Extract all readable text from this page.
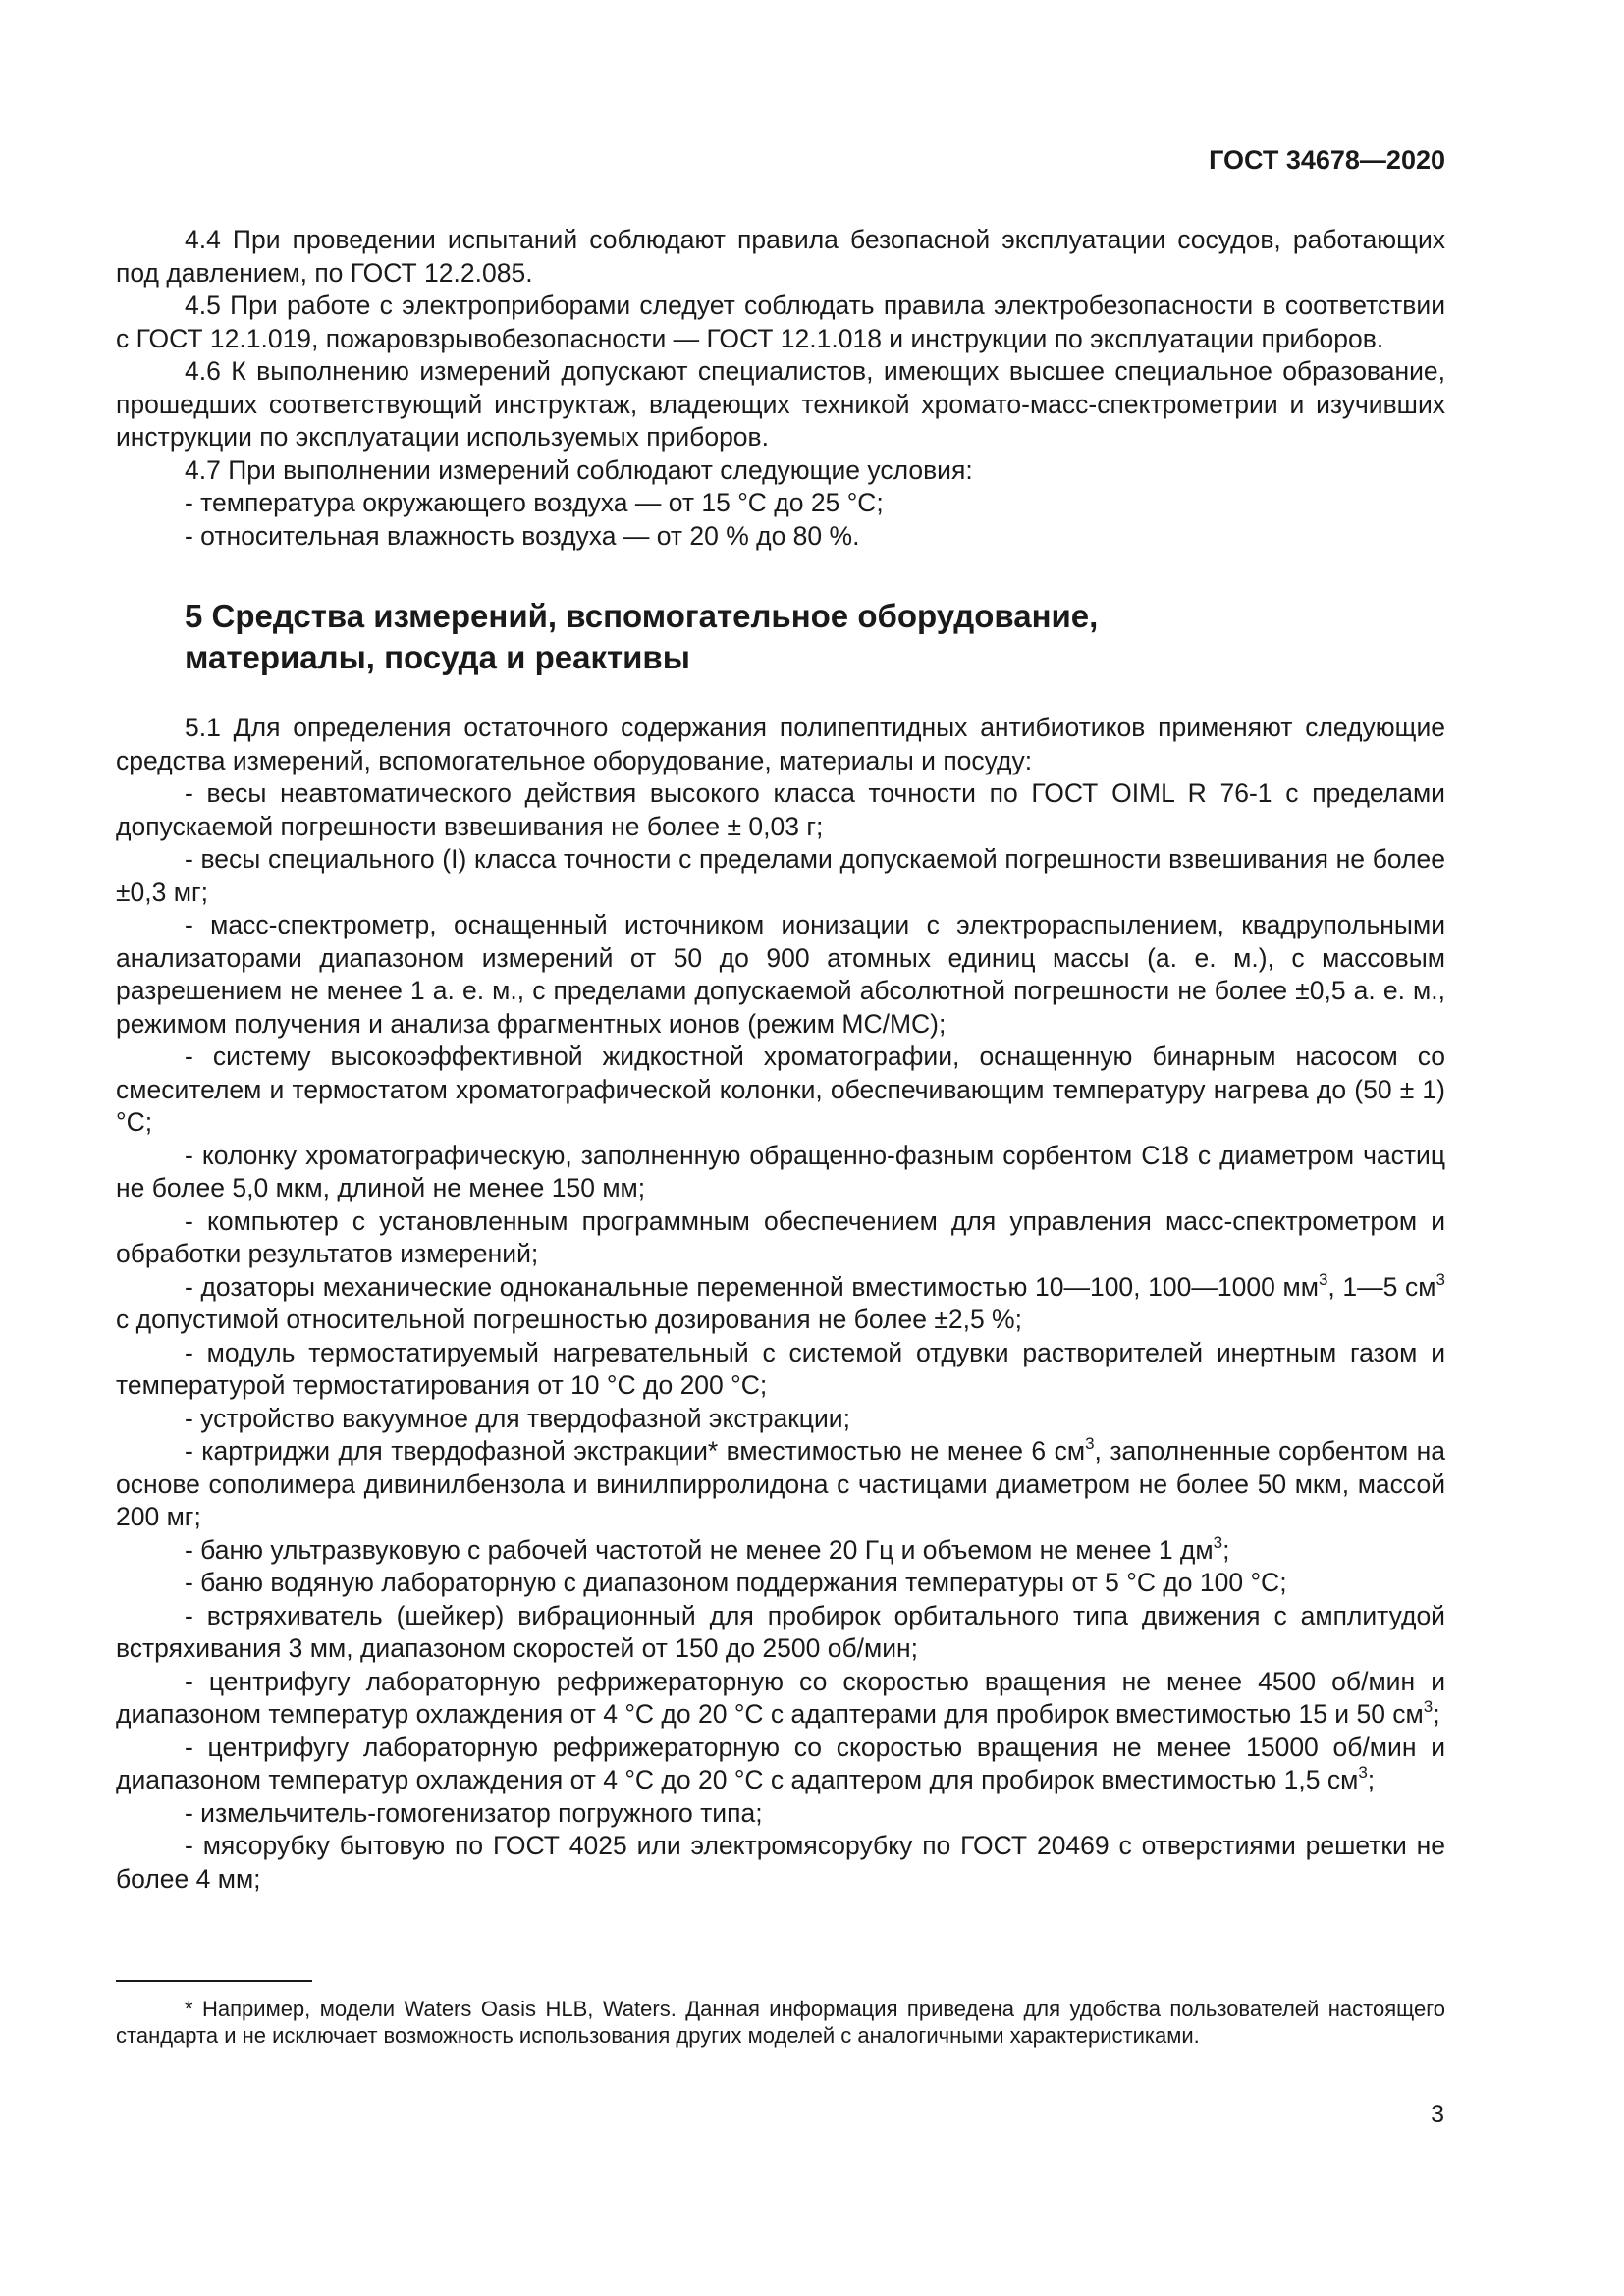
ГОСТ 34678—2020

4.4 При проведении испытаний соблюдают правила безопасной эксплуатации сосудов, работающих под давлением, по ГОСТ 12.2.085.

4.5 При работе с электроприборами следует соблюдать правила электробезопасности в соответствии с ГОСТ 12.1.019, пожаровзрывобезопасности — ГОСТ 12.1.018 и инструкции по эксплуатации приборов.

4.6 К выполнению измерений допускают специалистов, имеющих высшее специальное образование, прошедших соответствующий инструктаж, владеющих техникой хромато-масс-спектрометрии и изучивших инструкции по эксплуатации используемых приборов.

4.7 При выполнении измерений соблюдают следующие условия:

- температура окружающего воздуха — от 15 °С до 25 °С;

- относительная влажность воздуха — от 20 % до 80 %.

5 Средства измерений, вспомогательное оборудование,
материалы, посуда и реактивы

5.1 Для определения остаточного содержания полипептидных антибиотиков применяют следующие средства измерений, вспомогательное оборудование, материалы и посуду:

- весы неавтоматического действия высокого класса точности по ГОСТ OIML R 76-1 с пределами допускаемой погрешности взвешивания не более ± 0,03 г;

- весы специального (I) класса точности с пределами допускаемой погрешности взвешивания не более ±0,3 мг;

- масс-спектрометр, оснащенный источником ионизации с электрораспылением, квадрупольными анализаторами диапазоном измерений от 50 до 900 атомных единиц массы (а. е. м.), с массовым разрешением не менее 1 а. е. м., с пределами допускаемой абсолютной погрешности не более ±0,5 а. е. м., режимом получения и анализа фрагментных ионов (режим МС/МС);

- систему высокоэффективной жидкостной хроматографии, оснащенную бинарным насосом со смесителем и термостатом хроматографической колонки, обеспечивающим температуру нагрева до (50 ± 1) °С;

- колонку хроматографическую, заполненную обращенно-фазным сорбентом С18 с диаметром частиц не более 5,0 мкм, длиной не менее 150 мм;

- компьютер с установленным программным обеспечением для управления масс-спектрометром и обработки результатов измерений;

- дозаторы механические одноканальные переменной вместимостью 10—100, 100—1000 $мм^3$, 1—5 $см^3$ с допустимой относительной погрешностью дозирования не более ±2,5 %;

- модуль термостатируемый нагревательный с системой отдувки растворителей инертным газом и температурой термостатирования от 10 °С до 200 °С;

- устройство вакуумное для твердофазной экстракции;

- картриджи для твердофазной экстракции* вместимостью не менее 6 $см^3$, заполненные сорбентом на основе сополимера дивинилбензола и винилпирролидона с частицами диаметром не более 50 мкм, массой 200 мг;

- баню ультразвуковую с рабочей частотой не менее 20 Гц и объемом не менее 1 $дм^3$;

- баню водяную лабораторную с диапазоном поддержания температуры от 5 °С до 100 °С;

- встряхиватель (шейкер) вибрационный для пробирок орбитального типа движения с амплитудой встряхивания 3 мм, диапазоном скоростей от 150 до 2500 об/мин;

- центрифугу лабораторную рефрижераторную со скоростью вращения не менее 4500 об/мин и диапазоном температур охлаждения от 4 °С до 20 °С с адаптерами для пробирок вместимостью 15 и 50 $см^3$;

- центрифугу лабораторную рефрижераторную со скоростью вращения не менее 15000 об/мин и диапазоном температур охлаждения от 4 °С до 20 °С с адаптером для пробирок вместимостью 1,5 $см^3$;

- измельчитель-гомогенизатор погружного типа;

- мясорубку бытовую по ГОСТ 4025 или электромясорубку по ГОСТ 20469 с отверстиями решетки не более 4 мм;

* Например, модели Waters Oasis HLB, Waters. Данная информация приведена для удобства пользователей настоящего стандарта и не исключает возможность использования других моделей с аналогичными характеристиками.

3
